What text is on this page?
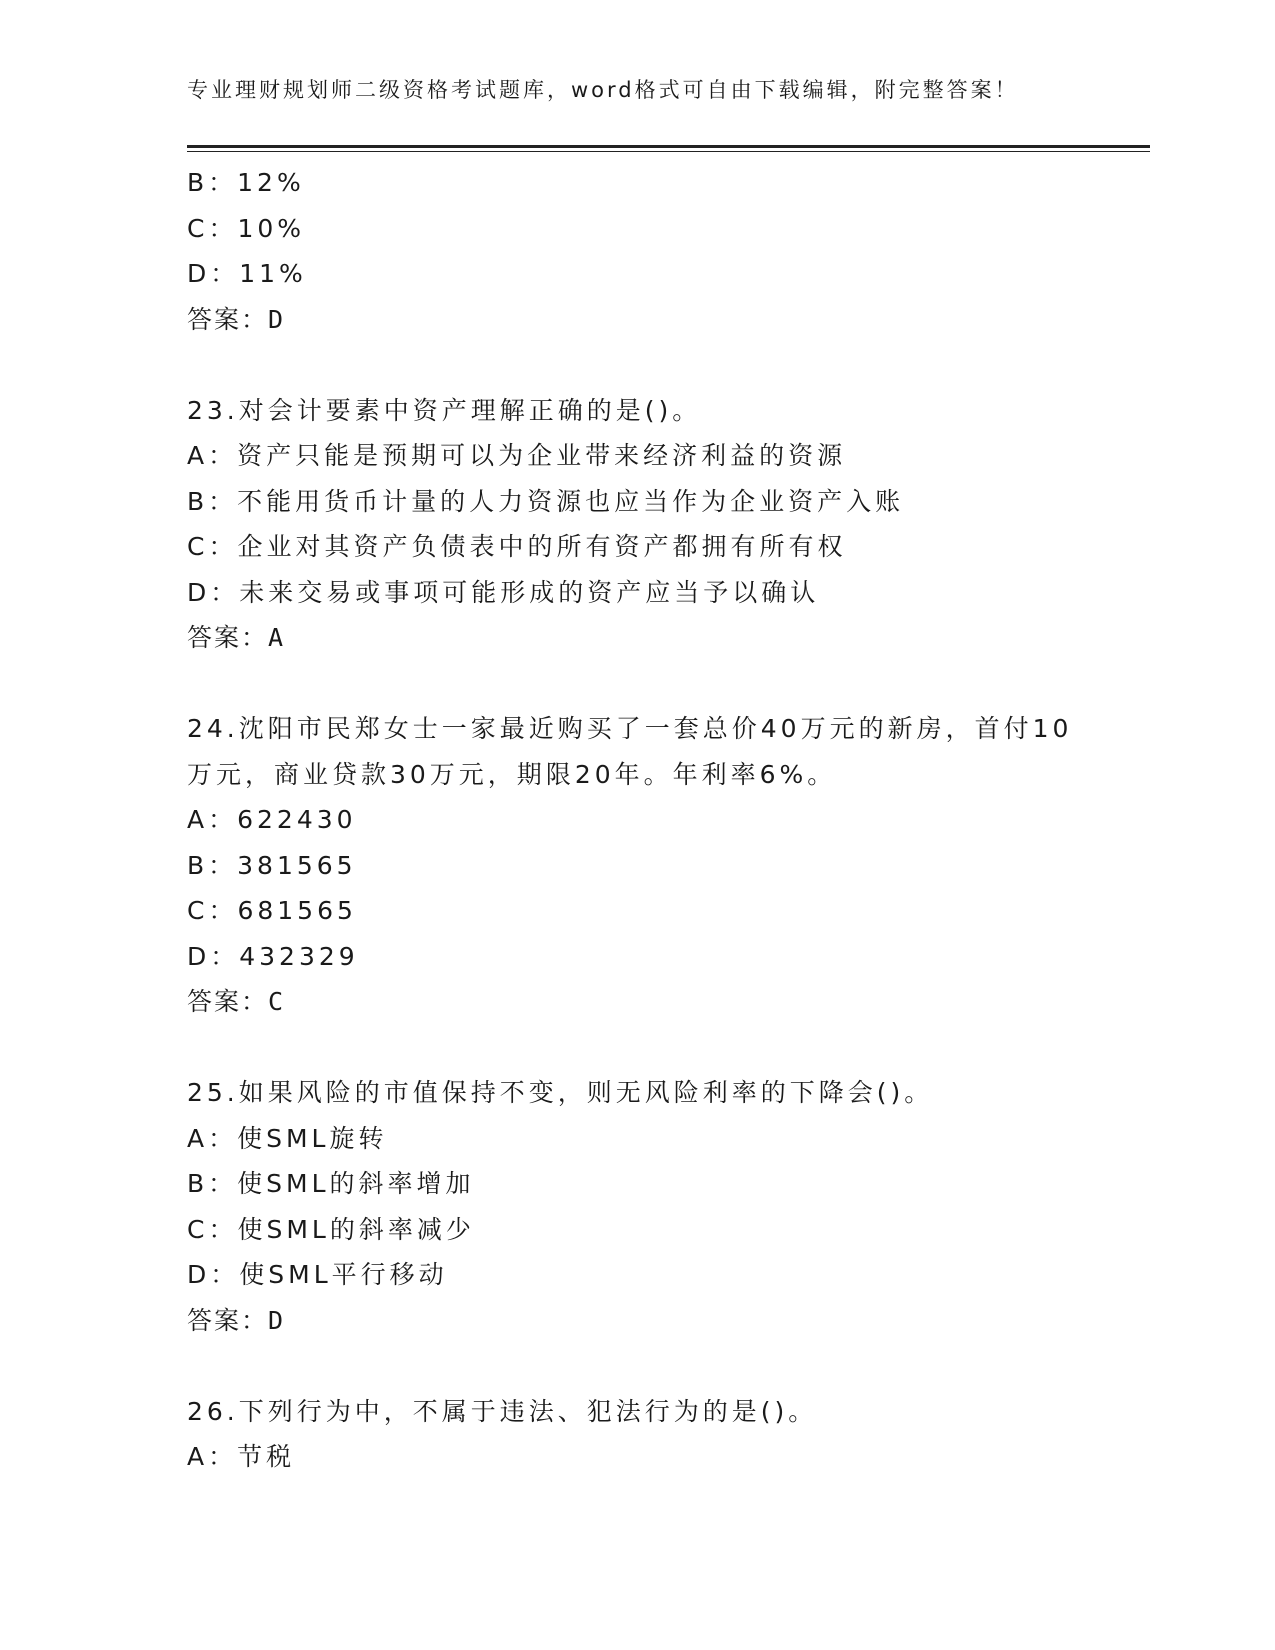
专业理财规划师二级资格考试题库，word格式可自由下载编辑，附完整答案！
B：12%
C：10%
D：11%
答案：D
23.对会计要素中资产理解正确的是()。
A：资产只能是预期可以为企业带来经济利益的资源
B：不能用货币计量的人力资源也应当作为企业资产入账
C：企业对其资产负债表中的所有资产都拥有所有权
D：未来交易或事项可能形成的资产应当予以确认
答案：A
24.沈阳市民郑女士一家最近购买了一套总价40万元的新房，首付10
万元，商业贷款30万元，期限20年。年利率6%。
A：622430
B：381565
C：681565
D：432329
答案：C
25.如果风险的市值保持不变，则无风险利率的下降会()。
A：使SML旋转
B：使SML的斜率增加
C：使SML的斜率减少
D：使SML平行移动
答案：D
26.下列行为中，不属于违法、犯法行为的是()。
A：节税
